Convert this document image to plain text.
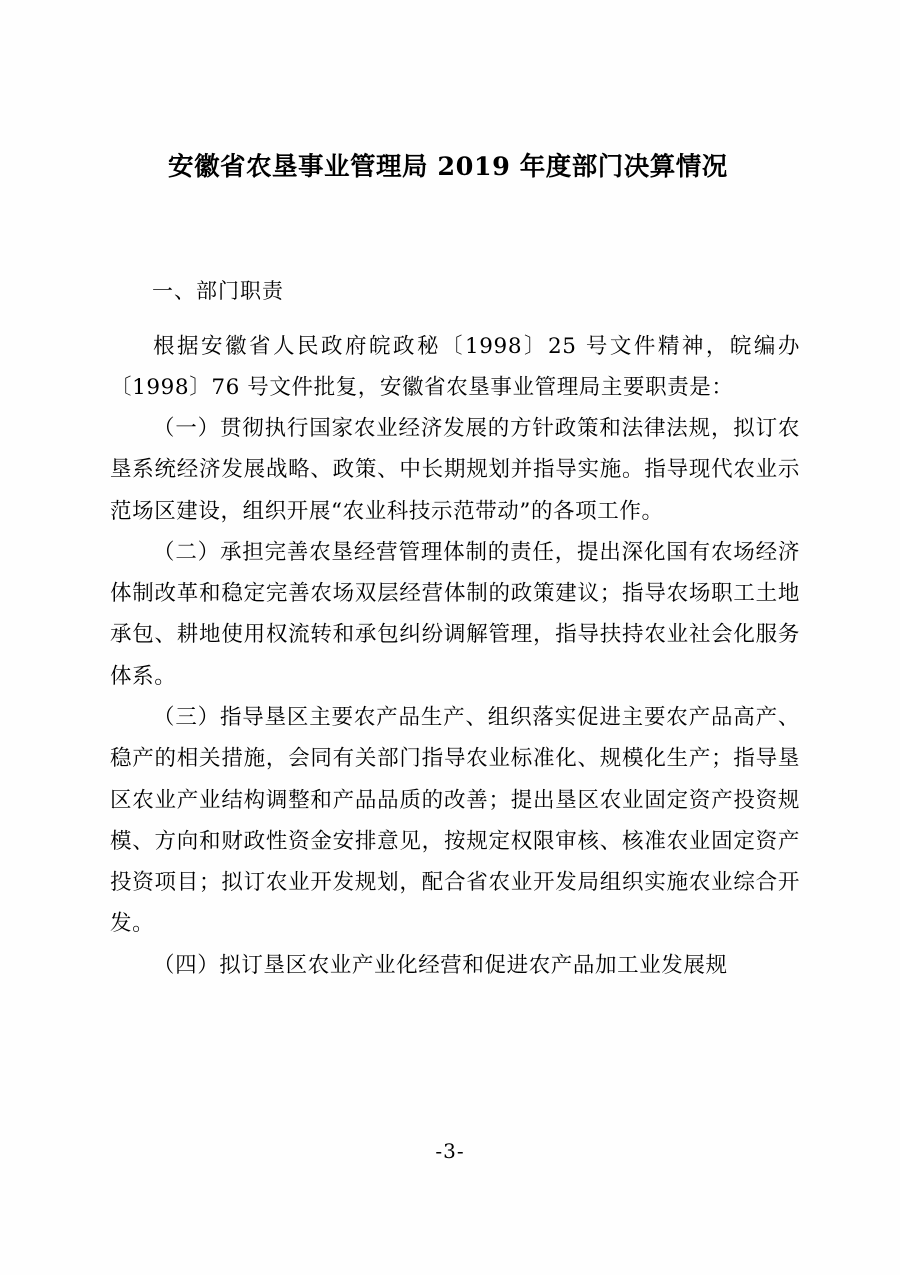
安徽省农垦事业管理局 2019 年度部门决算情况
一、部门职责

根据安徽省人民政府皖政秘〔1998〕25 号文件精神，皖编办〔1998〕76 号文件批复，安徽省农垦事业管理局主要职责是：

（一）贯彻执行国家农业经济发展的方针政策和法律法规，拟订农垦系统经济发展战略、政策、中长期规划并指导实施。指导现代农业示范场区建设，组织开展“农业科技示范带动”的各项工作。

（二）承担完善农垦经营管理体制的责任，提出深化国有农场经济体制改革和稳定完善农场双层经营体制的政策建议；指导农场职工土地承包、耕地使用权流转和承包纠纷调解管理，指导扶持农业社会化服务体系。

（三）指导垦区主要农产品生产、组织落实促进主要农产品高产、稳产的相关措施，会同有关部门指导农业标准化、规模化生产；指导垦区农业产业结构调整和产品品质的改善；提出垦区农业固定资产投资规模、方向和财政性资金安排意见，按规定权限审核、核准农业固定资产投资项目；拟订农业开发规划，配合省农业开发局组织实施农业综合开发。

（四）拟订垦区农业产业化经营和促进农产品加工业发展规

-3-
